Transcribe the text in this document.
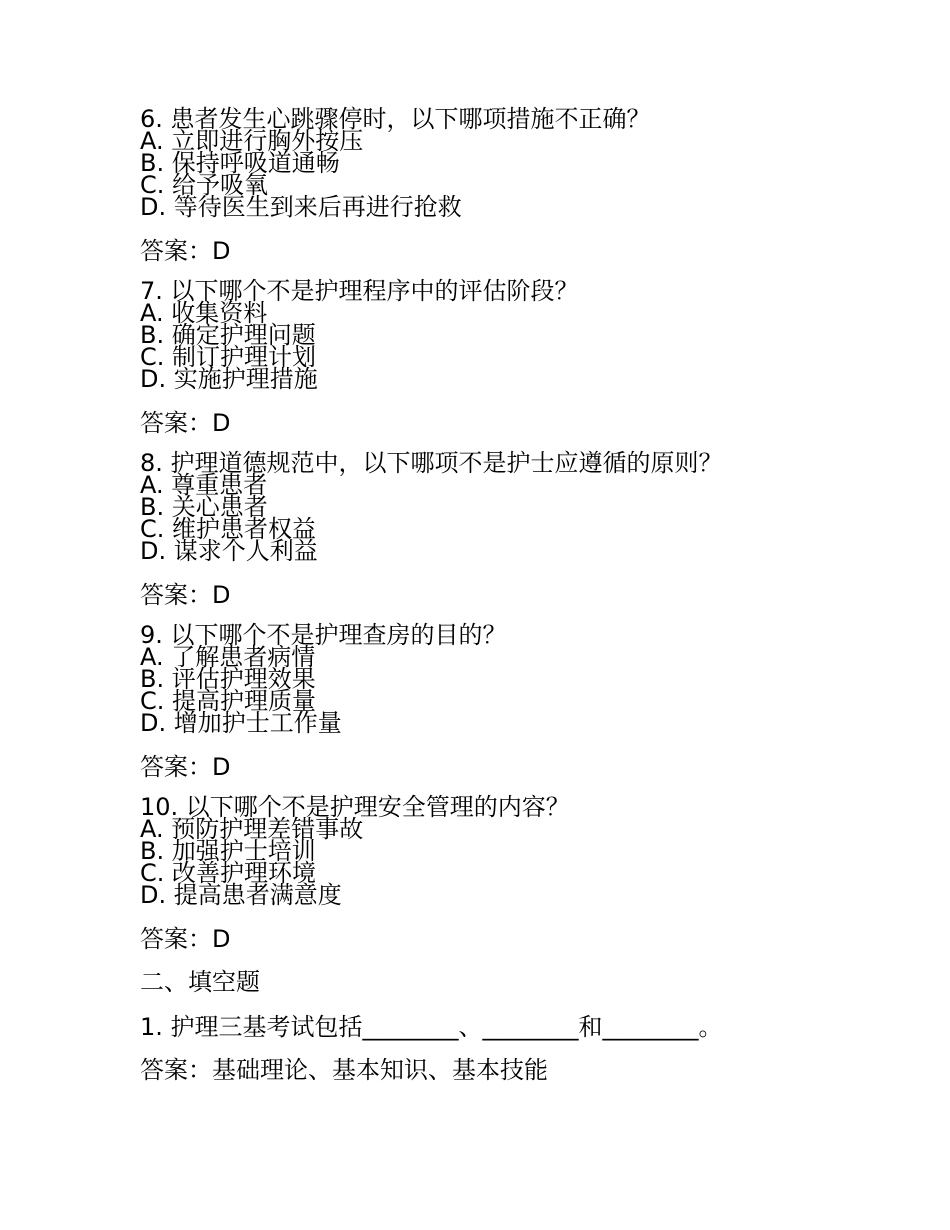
6. 患者发生心跳骤停时，以下哪项措施不正确？
A. 立即进行胸外按压
B. 保持呼吸道通畅
C. 给予吸氧
D. 等待医生到来后再进行抢救
答案：D
7. 以下哪个不是护理程序中的评估阶段？
A. 收集资料
B. 确定护理问题
C. 制订护理计划
D. 实施护理措施
答案：D
8. 护理道德规范中，以下哪项不是护士应遵循的原则？
A. 尊重患者
B. 关心患者
C. 维护患者权益
D. 谋求个人利益
答案：D
9. 以下哪个不是护理查房的目的？
A. 了解患者病情
B. 评估护理效果
C. 提高护理质量
D. 增加护士工作量
答案：D
10. 以下哪个不是护理安全管理的内容？
A. 预防护理差错事故
B. 加强护士培训
C. 改善护理环境
D. 提高患者满意度
答案：D
二、填空题
1. 护理三基考试包括________、________和________。
答案：基础理论、基本知识、基本技能
